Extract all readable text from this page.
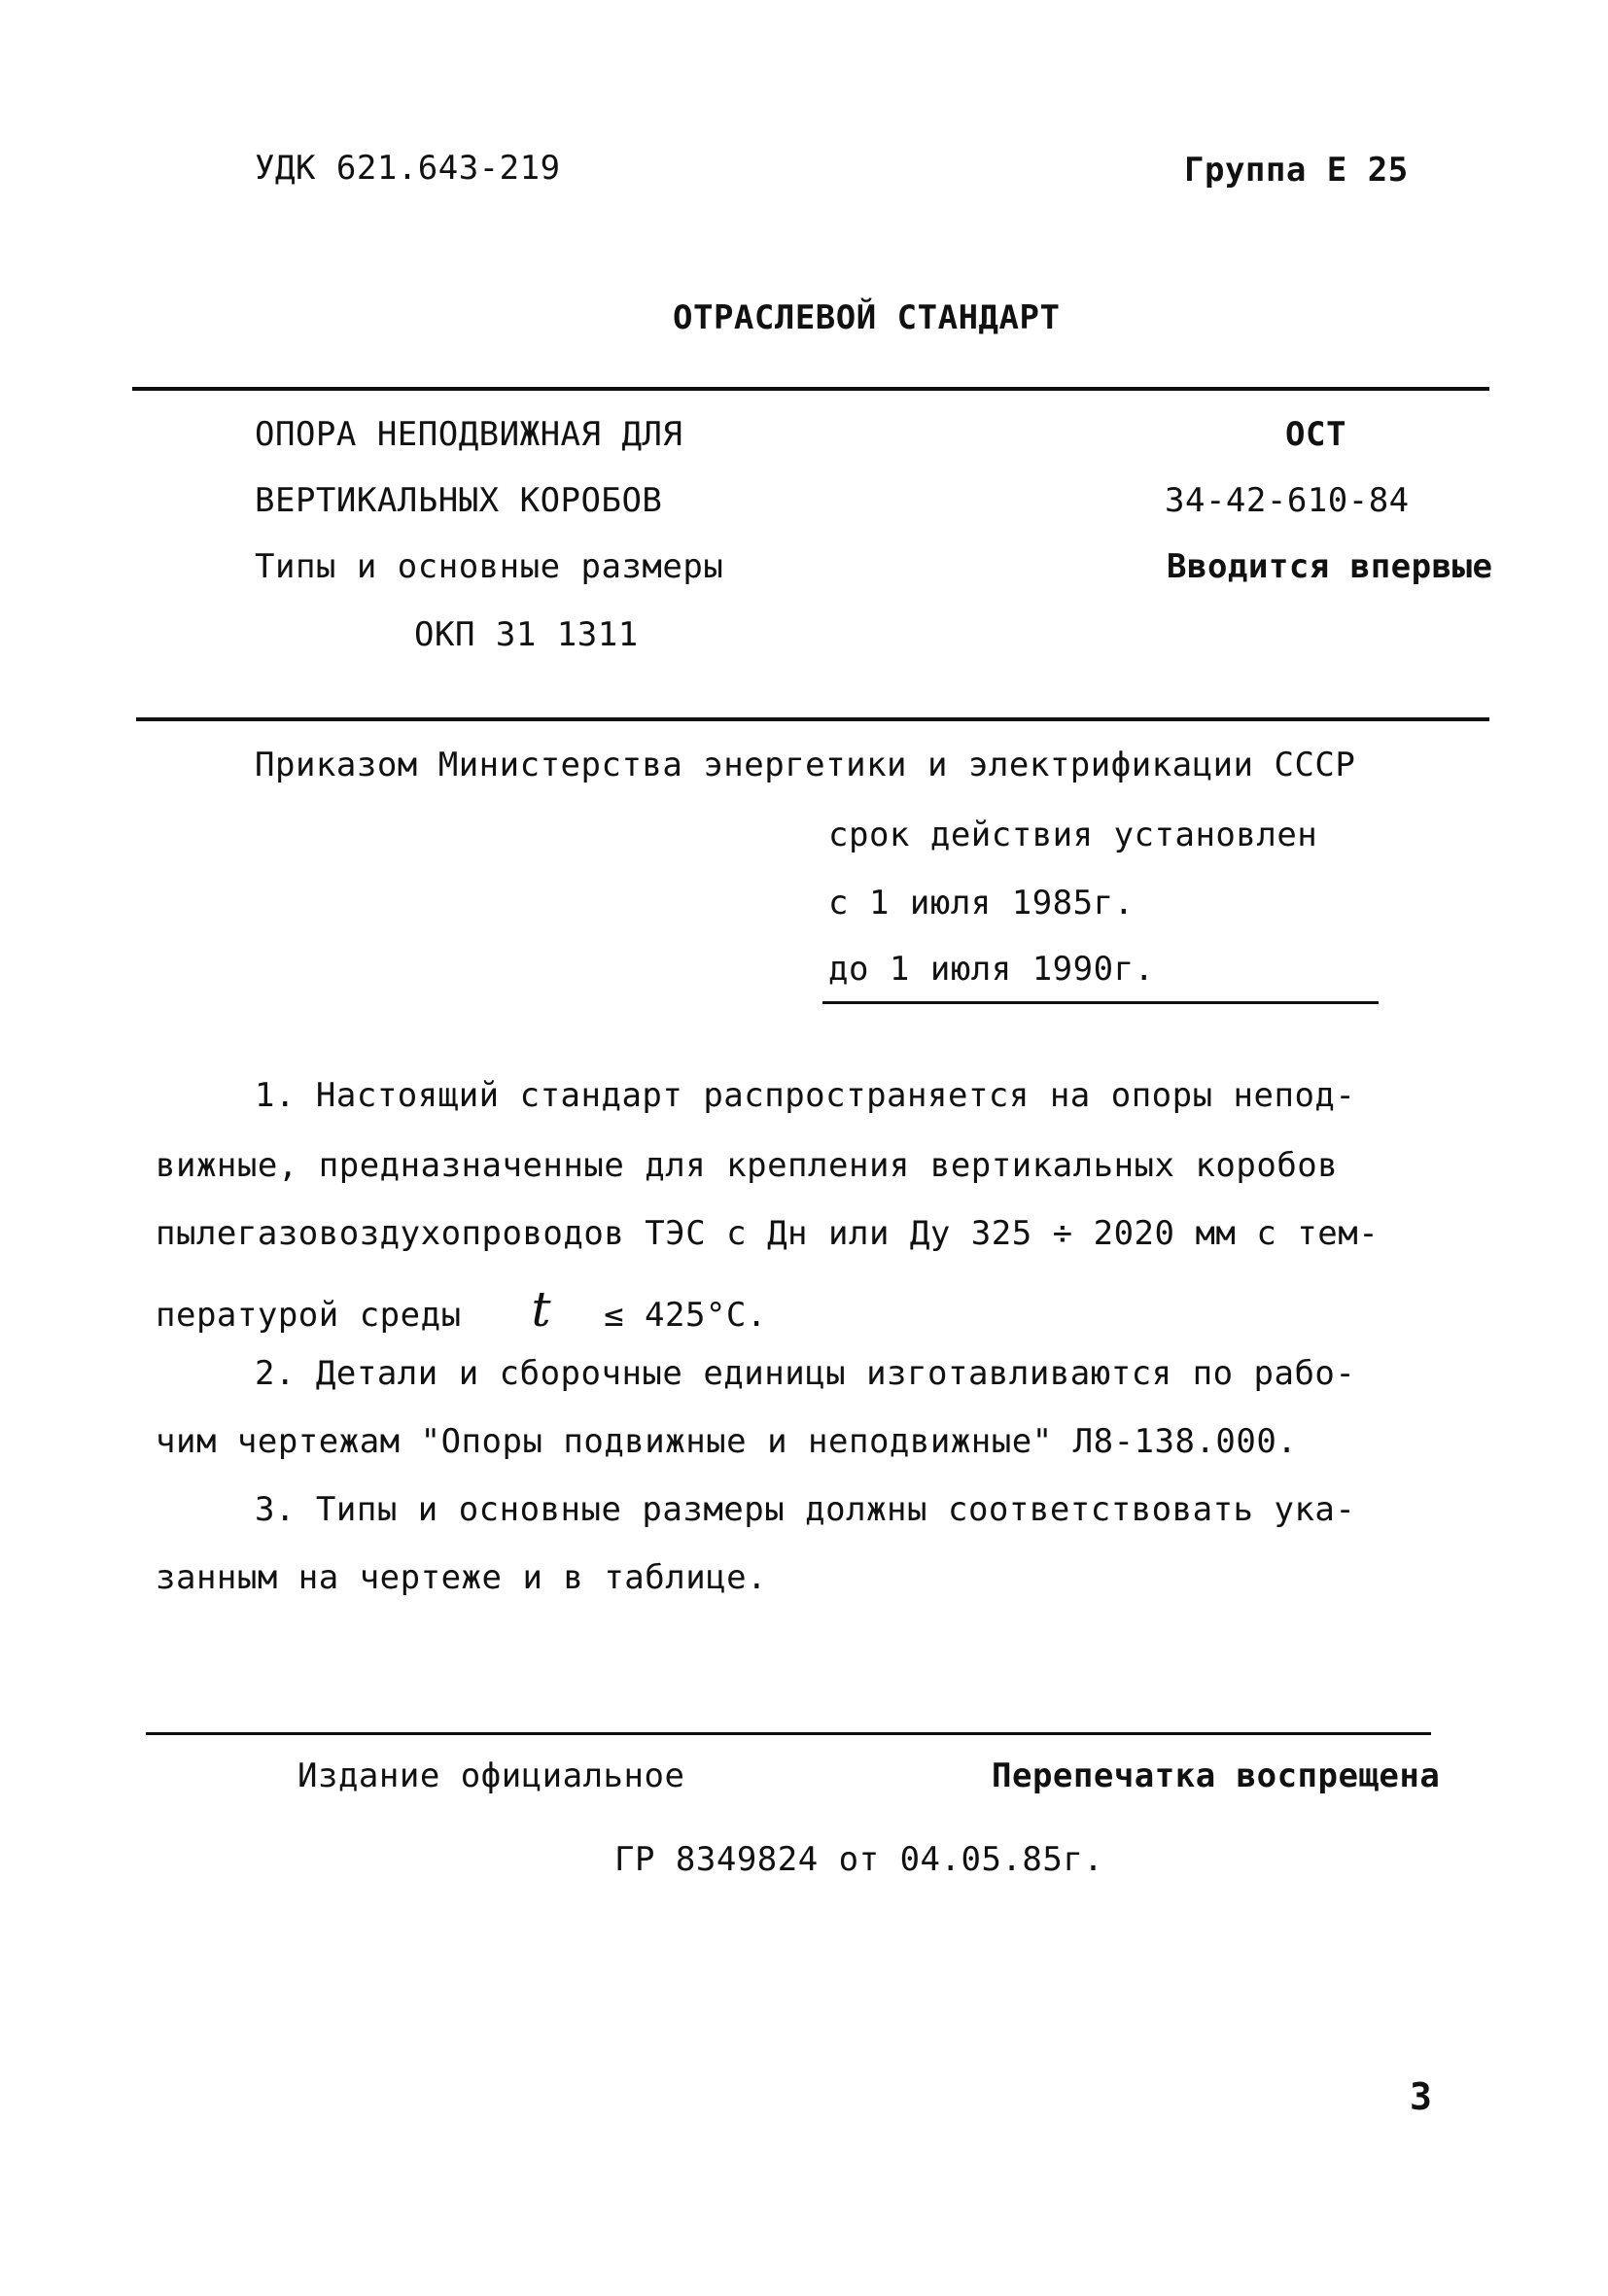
УДК 621.643-219	Группа Е 25
ОТРАСЛЕВОЙ СТАНДАРТ
ОПОРА НЕПОДВИЖНАЯ ДЛЯ
ВЕРТИКАЛЬНЫХ КОРОБОВ
Типы и основные размеры
ОКП 31 1311
ОСТ
34-42-610-84
Вводится впервые
Приказом Министерства энергетики и электрификации СССР
срок действия установлен
с 1 июля 1985г.
до 1 июля 1990г.
1. Настоящий стандарт распространяется на опоры непод-
вижные, предназначенные для крепления вертикальных коробов
пылегазовоздухопроводов ТЭС с Дн или Ду 325 ÷ 2020 мм с тем-
пературой среды t ≤ 425°С.
2. Детали и сборочные единицы изготавливаются по рабо-
чим чертежам "Опоры подвижные и неподвижные" Л8-138.000.
3. Типы и основные размеры должны соответствовать ука-
занным на чертеже и в таблице.
Издание официальное	Перепечатка воспрещена
ГР 8349824 от 04.05.85г.
3
